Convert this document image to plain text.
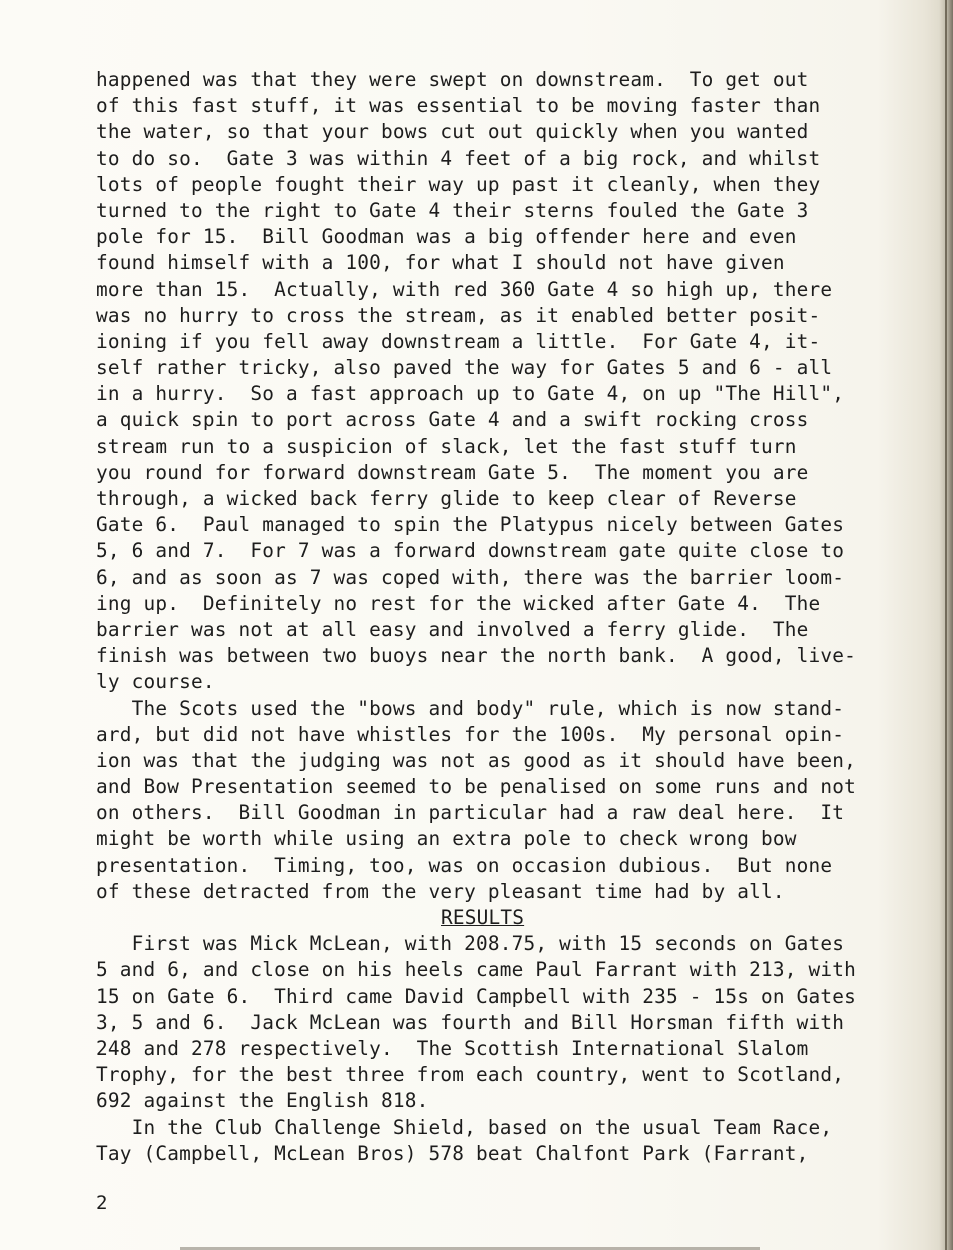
happened was that they were swept on downstream.  To get out
of this fast stuff, it was essential to be moving faster than
the water, so that your bows cut out quickly when you wanted
to do so.  Gate 3 was within 4 feet of a big rock, and whilst
lots of people fought their way up past it cleanly, when they
turned to the right to Gate 4 their sterns fouled the Gate 3
pole for 15.  Bill Goodman was a big offender here and even
found himself with a 100, for what I should not have given
more than 15.  Actually, with red 360 Gate 4 so high up, there
was no hurry to cross the stream, as it enabled better posit-
ioning if you fell away downstream a little.  For Gate 4, it-
self rather tricky, also paved the way for Gates 5 and 6 - all
in a hurry.  So a fast approach up to Gate 4, on up "The Hill",
a quick spin to port across Gate 4 and a swift rocking cross
stream run to a suspicion of slack, let the fast stuff turn
you round for forward downstream Gate 5.  The moment you are
through, a wicked back ferry glide to keep clear of Reverse
Gate 6.  Paul managed to spin the Platypus nicely between Gates
5, 6 and 7.  For 7 was a forward downstream gate quite close to
6, and as soon as 7 was coped with, there was the barrier loom-
ing up.  Definitely no rest for the wicked after Gate 4.  The
barrier was not at all easy and involved a ferry glide.  The
finish was between two buoys near the north bank.  A good, live-
ly course.
The Scots used the "bows and body" rule, which is now stand-
ard, but did not have whistles for the 100s.  My personal opin-
ion was that the judging was not as good as it should have been,
and Bow Presentation seemed to be penalised on some runs and not
on others.  Bill Goodman in particular had a raw deal here.  It
might be worth while using an extra pole to check wrong bow
presentation.  Timing, too, was on occasion dubious.  But none
of these detracted from the very pleasant time had by all.
RESULTS
First was Mick McLean, with 208.75, with 15 seconds on Gates
5 and 6, and close on his heels came Paul Farrant with 213, with
15 on Gate 6.  Third came David Campbell with 235 - 15s on Gates
3, 5 and 6.  Jack McLean was fourth and Bill Horsman fifth with
248 and 278 respectively.  The Scottish International Slalom
Trophy, for the best three from each country, went to Scotland,
692 against the English 818.
In the Club Challenge Shield, based on the usual Team Race,
Tay (Campbell, McLean Bros) 578 beat Chalfont Park (Farrant,
2
